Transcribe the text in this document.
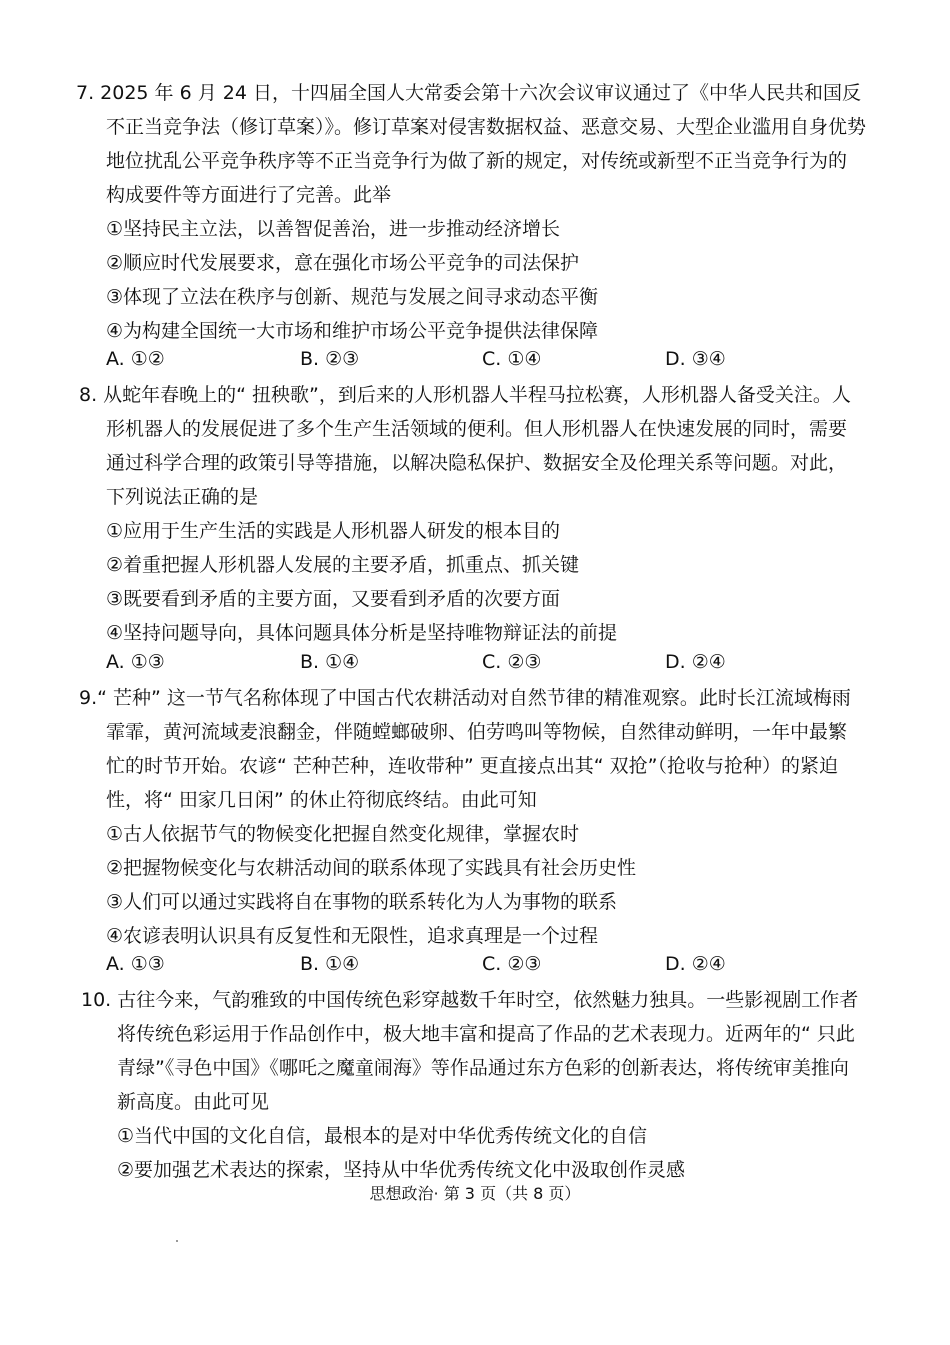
7. 2025 年 6 月 24 日，十四届全国人大常委会第十六次会议审议通过了《中华人民共和国反
不正当竞争法（修订草案）》。修订草案对侵害数据权益、恶意交易、大型企业滥用自身优势
地位扰乱公平竞争秩序等不正当竞争行为做了新的规定，对传统或新型不正当竞争行为的
构成要件等方面进行了完善。此举
①坚持民主立法，以善智促善治，进一步推动经济增长
②顺应时代发展要求，意在强化市场公平竞争的司法保护
③体现了立法在秩序与创新、规范与发展之间寻求动态平衡
④为构建全国统一大市场和维护市场公平竞争提供法律保障
A. ①②	B. ②③	C. ①④	D. ③④
8. 从蛇年春晚上的“ 扭秧歌”，到后来的人形机器人半程马拉松赛，人形机器人备受关注。人
形机器人的发展促进了多个生产生活领域的便利。但人形机器人在快速发展的同时，需要
通过科学合理的政策引导等措施，以解决隐私保护、数据安全及伦理关系等问题。对此，
下列说法正确的是
①应用于生产生活的实践是人形机器人研发的根本目的
②着重把握人形机器人发展的主要矛盾，抓重点、抓关键
③既要看到矛盾的主要方面，又要看到矛盾的次要方面
④坚持问题导向，具体问题具体分析是坚持唯物辩证法的前提
A. ①③	B. ①④	C. ②③	D. ②④
9.“ 芒种” 这一节气名称体现了中国古代农耕活动对自然节律的精准观察。此时长江流域梅雨
霏霏，黄河流域麦浪翻金，伴随螳螂破卵、伯劳鸣叫等物候，自然律动鲜明，一年中最繁
忙的时节开始。农谚“ 芒种芒种，连收带种” 更直接点出其“ 双抢”（抢收与抢种）的紧迫
性，将“ 田家几日闲” 的休止符彻底终结。由此可知
①古人依据节气的物候变化把握自然变化规律，掌握农时
②把握物候变化与农耕活动间的联系体现了实践具有社会历史性
③人们可以通过实践将自在事物的联系转化为人为事物的联系
④农谚表明认识具有反复性和无限性，追求真理是一个过程
A. ①③	B. ①④	C. ②③	D. ②④
10. 古往今来，气韵雅致的中国传统色彩穿越数千年时空，依然魅力独具。一些影视剧工作者
将传统色彩运用于作品创作中，极大地丰富和提高了作品的艺术表现力。近两年的“ 只此
青绿”《寻色中国》《哪吒之魔童闹海》等作品通过东方色彩的创新表达，将传统审美推向
新高度。由此可见
①当代中国的文化自信，最根本的是对中华优秀传统文化的自信
②要加强艺术表达的探索，坚持从中华优秀传统文化中汲取创作灵感
思想政治· 第 3 页（共 8 页）
